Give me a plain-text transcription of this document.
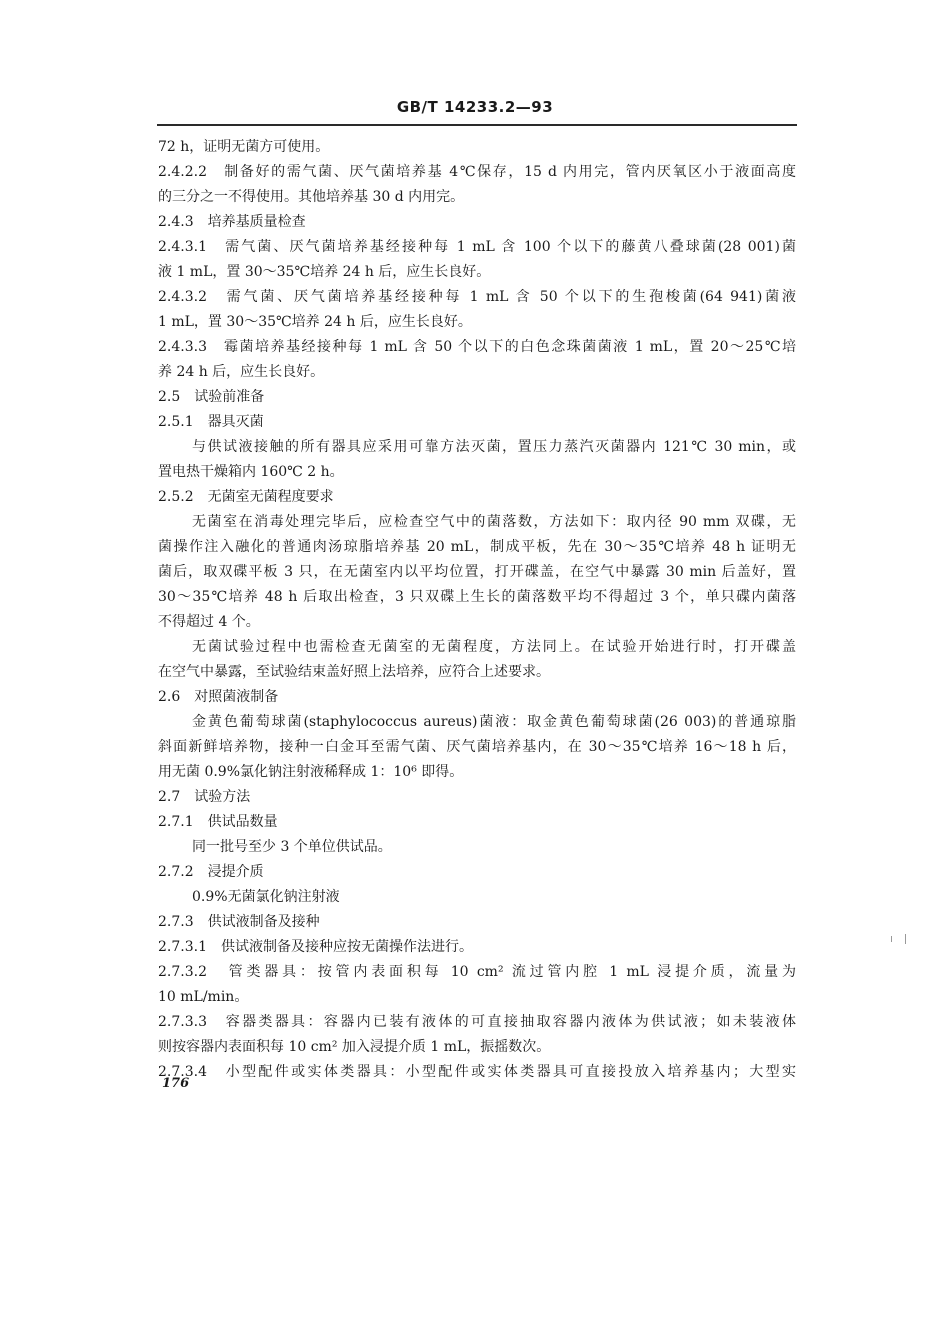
GB/T 14233.2—93
72 h，证明无菌方可使用。
2.4.2.2　制备好的需气菌、厌气菌培养基 4℃保存，15 d 内用完，管内厌氧区小于液面高度
的三分之一不得使用。其他培养基 30 d 内用完。
2.4.3　培养基质量检查
2.4.3.1　需气菌、厌气菌培养基经接种每 1 mL 含 100 个以下的藤黄八叠球菌(28 001)菌
液 1 mL，置 30～35℃培养 24 h 后，应生长良好。
2.4.3.2　需气菌、厌气菌培养基经接种每 1 mL 含 50 个以下的生孢梭菌(64 941)菌液
1 mL，置 30～35℃培养 24 h 后，应生长良好。
2.4.3.3　霉菌培养基经接种每 1 mL 含 50 个以下的白色念珠菌菌液 1 mL，置 20～25℃培
养 24 h 后，应生长良好。
2.5　试验前准备
2.5.1　器具灭菌
与供试液接触的所有器具应采用可靠方法灭菌，置压力蒸汽灭菌器内 121℃ 30 min，或
置电热干燥箱内 160℃ 2 h。
2.5.2　无菌室无菌程度要求
无菌室在消毒处理完毕后，应检查空气中的菌落数，方法如下：取内径 90 mm 双碟，无
菌操作注入融化的普通肉汤琼脂培养基 20 mL，制成平板，先在 30～35℃培养 48 h 证明无
菌后，取双碟平板 3 只，在无菌室内以平均位置，打开碟盖，在空气中暴露 30 min 后盖好，置
30～35℃培养 48 h 后取出检查，3 只双碟上生长的菌落数平均不得超过 3 个，单只碟内菌落
不得超过 4 个。
无菌试验过程中也需检查无菌室的无菌程度，方法同上。在试验开始进行时，打开碟盖
在空气中暴露，至试验结束盖好照上法培养，应符合上述要求。
2.6　对照菌液制备
金黄色葡萄球菌(staphylococcus aureus)菌液：取金黄色葡萄球菌(26 003)的普通琼脂
斜面新鲜培养物，接种一白金耳至需气菌、厌气菌培养基内，在 30～35℃培养 16～18 h 后，
用无菌 0.9%氯化钠注射液稀释成 1：10⁶ 即得。
2.7　试验方法
2.7.1　供试品数量
同一批号至少 3 个单位供试品。
2.7.2　浸提介质
0.9%无菌氯化钠注射液
2.7.3　供试液制备及接种
2.7.3.1　供试液制备及接种应按无菌操作法进行。
2.7.3.2　管类器具：按管内表面积每 10 cm² 流过管内腔 1 mL 浸提介质，流量为
10 mL/min。
2.7.3.3　容器类器具：容器内已装有液体的可直接抽取容器内液体为供试液；如未装液体
则按容器内表面积每 10 cm² 加入浸提介质 1 mL，振摇数次。
2.7.3.4　小型配件或实体类器具：小型配件或实体类器具可直接投放入培养基内；大型实
176
